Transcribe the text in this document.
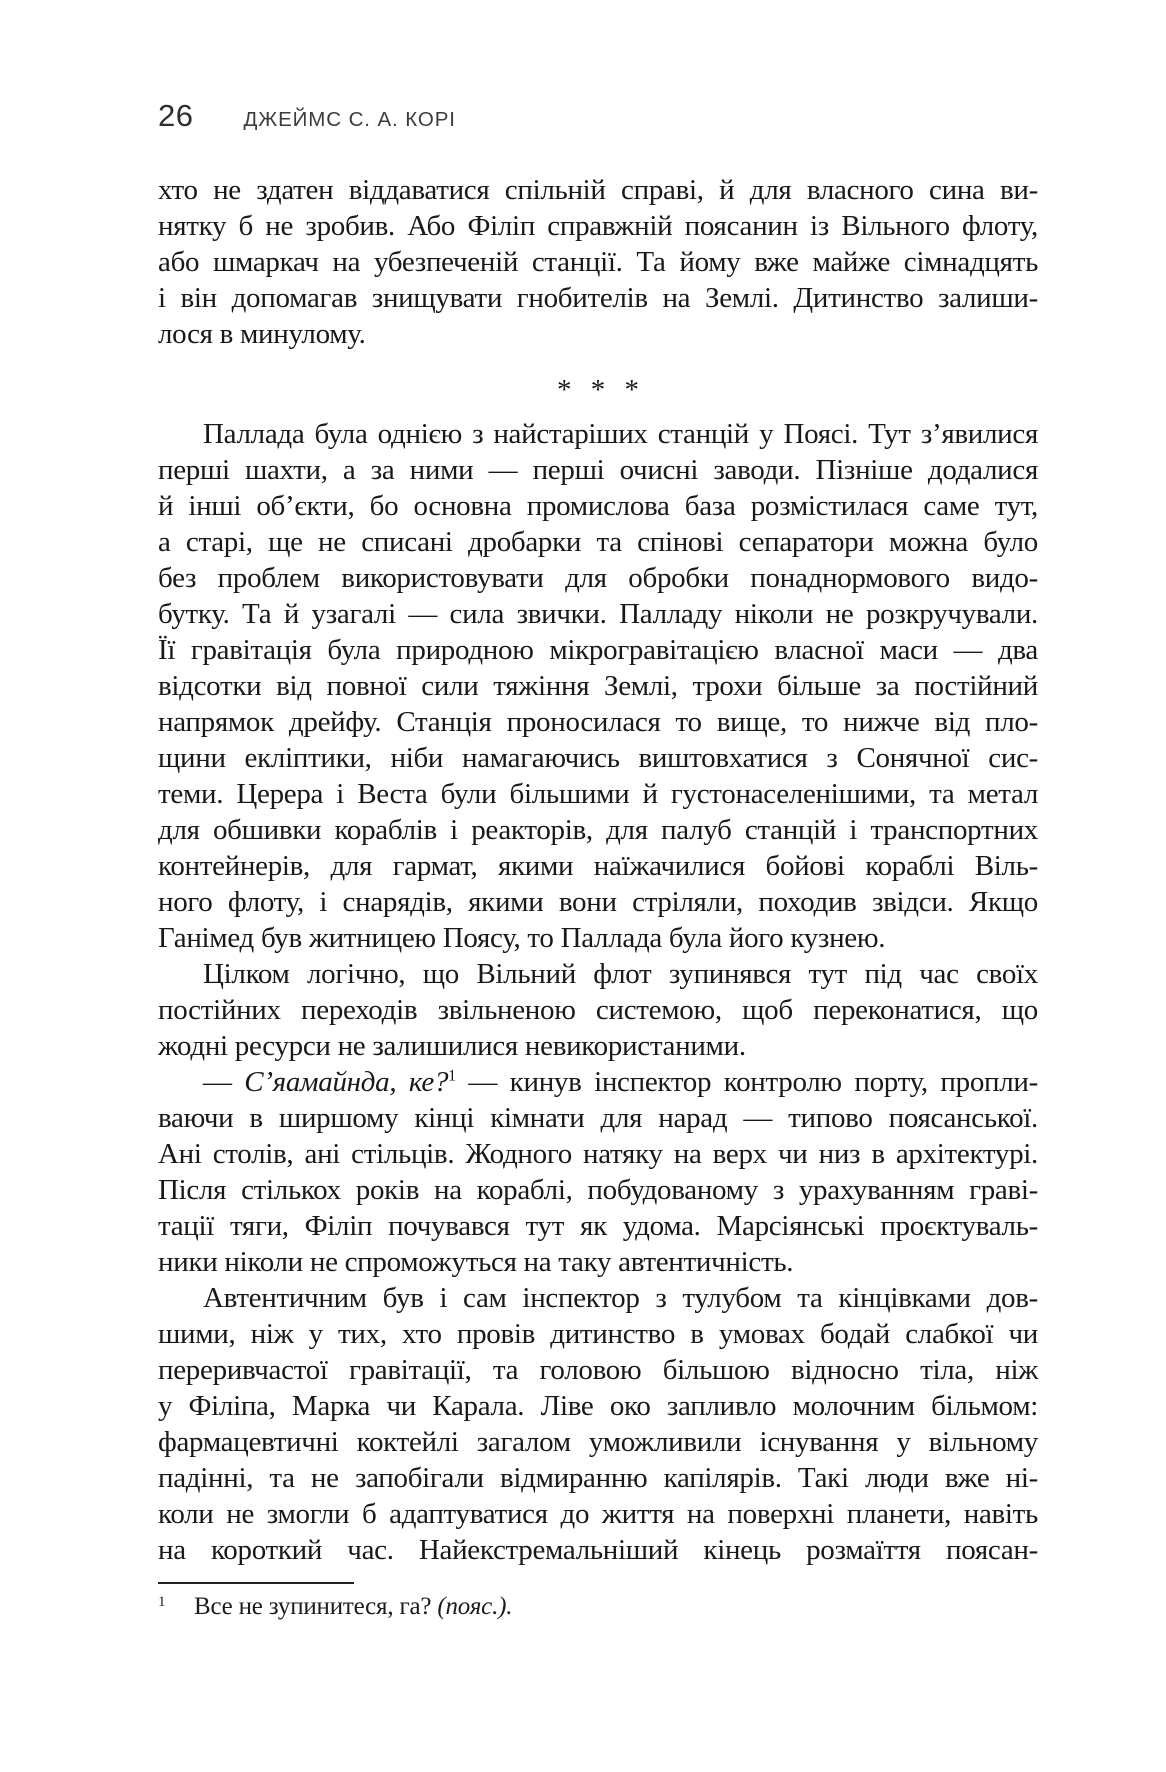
26 ДЖЕЙМС С. А. КОРІ
хто не здатен віддаватися спільній справі, й для власного сина ви-
нятку б не зробив. Або Філіп справжній поясанин із Вільного флоту,
або шмаркач на убезпеченій станції. Та йому вже майже сімнадцять
і він допомагав знищувати гнобителів на Землі. Дитинство залиши-
лося в минулому.
* * *
Паллада була однією з найстаріших станцій у Поясі. Тут з’явилися
перші шахти, а за ними — перші очисні заводи. Пізніше додалися
й інші об’єкти, бо основна промислова база розмістилася саме тут,
а старі, ще не списані дробарки та спінові сепаратори можна було
без проблем використовувати для обробки понаднормового видо-
бутку. Та й узагалі — сила звички. Палладу ніколи не розкручували.
Її гравітація була природною мікрогравітацією власної маси — два
відсотки від повної сили тяжіння Землі, трохи більше за постійний
напрямок дрейфу. Станція проносилася то вище, то нижче від пло-
щини екліптики, ніби намагаючись виштовхатися з Сонячної сис-
теми. Церера і Веста були більшими й густонаселенішими, та метал
для обшивки кораблів і реакторів, для палуб станцій і транспортних
контейнерів, для гармат, якими наїжачилися бойові кораблі Віль-
ного флоту, і снарядів, якими вони стріляли, походив звідси. Якщо
Ганімед був житницею Поясу, то Паллада була його кузнею.
Цілком логічно, що Вільний флот зупинявся тут під час своїх
постійних переходів звільненою системою, щоб переконатися, що
жодні ресурси не залишилися невикористаними.
— С’яамайнда, ке?$^1$ — кинув інспектор контролю порту, пропли-
ваючи в ширшому кінці кімнати для нарад — типово поясанської.
Ані столів, ані стільців. Жодного натяку на верх чи низ в архітектурі.
Після стількох років на кораблі, побудованому з урахуванням граві-
тації тяги, Філіп почувався тут як удома. Марсіянські проєктуваль-
ники ніколи не спроможуться на таку автентичність.
Автентичним був і сам інспектор з тулубом та кінцівками дов-
шими, ніж у тих, хто провів дитинство в умовах бодай слабкої чи
переривчастої гравітації, та головою більшою відносно тіла, ніж
у Філіпа, Марка чи Карала. Ліве око запливло молочним більмом:
фармацевтичні коктейлі загалом уможливили існування у вільному
падінні, та не запобігали відмиранню капілярів. Такі люди вже ні-
коли не змогли б адаптуватися до життя на поверхні планети, навіть
на короткий час. Найекстремальніший кінець розмаїття поясан-
1 Все не зупинитеся, га? (пояс.).
